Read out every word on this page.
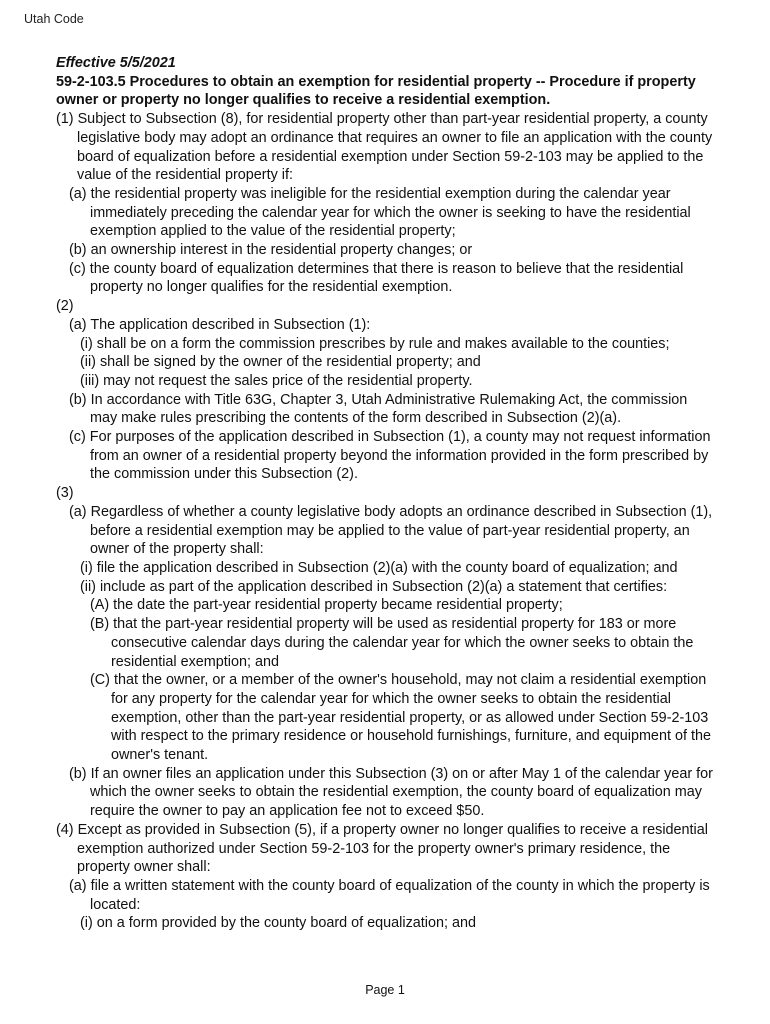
Utah Code
Effective 5/5/2021
59-2-103.5 Procedures to obtain an exemption for residential property -- Procedure if property owner or property no longer qualifies to receive a residential exemption.

(1) Subject to Subsection (8), for residential property other than part-year residential property, a county legislative body may adopt an ordinance that requires an owner to file an application with the county board of equalization before a residential exemption under Section 59-2-103 may be applied to the value of the residential property if:

(a) the residential property was ineligible for the residential exemption during the calendar year immediately preceding the calendar year for which the owner is seeking to have the residential exemption applied to the value of the residential property;

(b) an ownership interest in the residential property changes; or

(c) the county board of equalization determines that there is reason to believe that the residential property no longer qualifies for the residential exemption.

(2)

(a) The application described in Subsection (1):

(i) shall be on a form the commission prescribes by rule and makes available to the counties;

(ii) shall be signed by the owner of the residential property; and

(iii) may not request the sales price of the residential property.

(b) In accordance with Title 63G, Chapter 3, Utah Administrative Rulemaking Act, the commission may make rules prescribing the contents of the form described in Subsection (2)(a).

(c) For purposes of the application described in Subsection (1), a county may not request information from an owner of a residential property beyond the information provided in the form prescribed by the commission under this Subsection (2).

(3)

(a) Regardless of whether a county legislative body adopts an ordinance described in Subsection (1), before a residential exemption may be applied to the value of part-year residential property, an owner of the property shall:

(i) file the application described in Subsection (2)(a) with the county board of equalization; and

(ii) include as part of the application described in Subsection (2)(a) a statement that certifies:

(A) the date the part-year residential property became residential property;

(B) that the part-year residential property will be used as residential property for 183 or more consecutive calendar days during the calendar year for which the owner seeks to obtain the residential exemption; and

(C) that the owner, or a member of the owner's household, may not claim a residential exemption for any property for the calendar year for which the owner seeks to obtain the residential exemption, other than the part-year residential property, or as allowed under Section 59-2-103 with respect to the primary residence or household furnishings, furniture, and equipment of the owner's tenant.

(b) If an owner files an application under this Subsection (3) on or after May 1 of the calendar year for which the owner seeks to obtain the residential exemption, the county board of equalization may require the owner to pay an application fee not to exceed $50.

(4) Except as provided in Subsection (5), if a property owner no longer qualifies to receive a residential exemption authorized under Section 59-2-103 for the property owner's primary residence, the property owner shall:

(a) file a written statement with the county board of equalization of the county in which the property is located:

(i) on a form provided by the county board of equalization; and

Page 1
